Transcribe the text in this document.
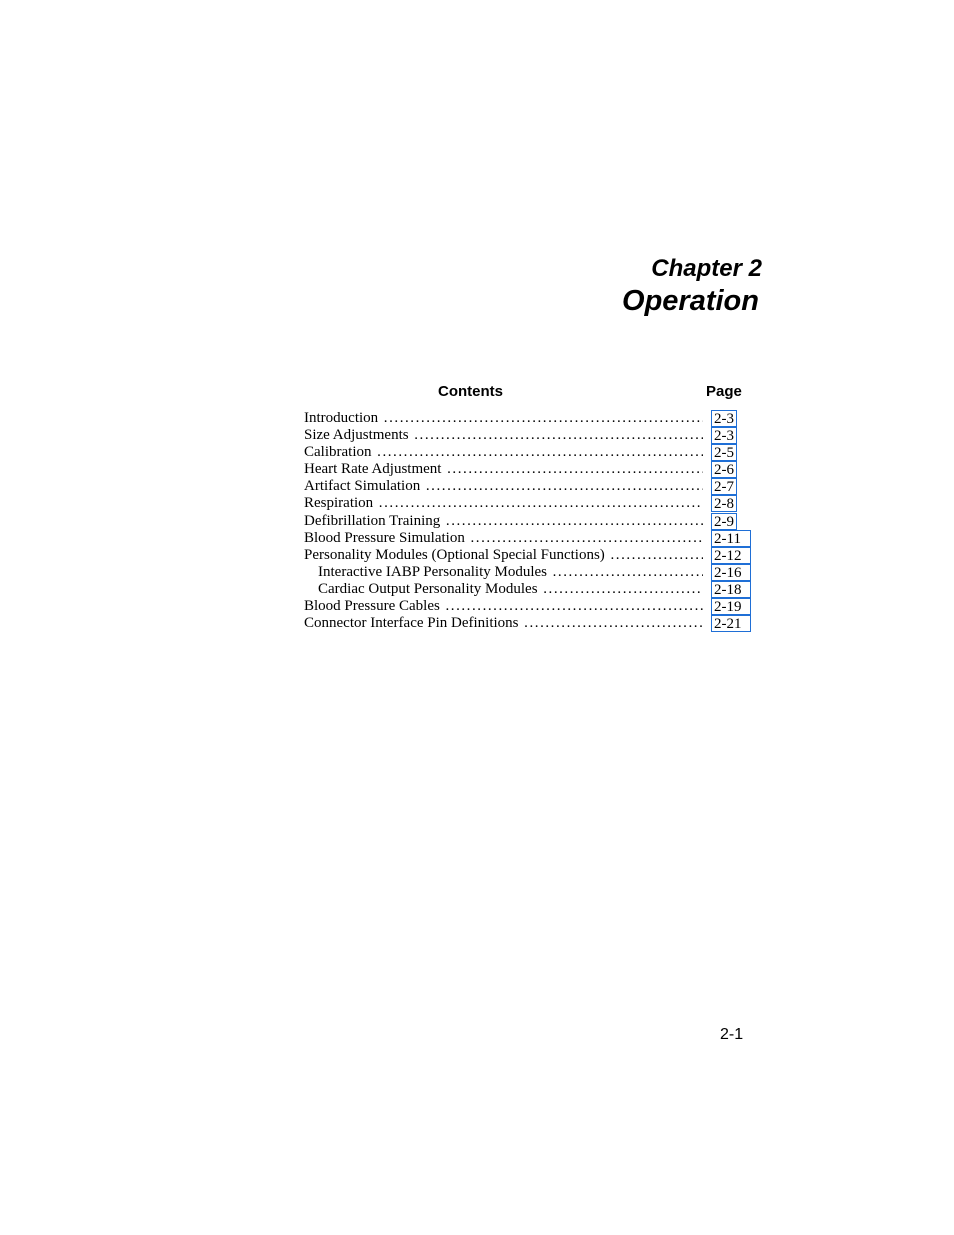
Chapter 2
Operation
Contents	Page
Introduction . . .	2-3
Size Adjustments . . .	2-3
Calibration . . .	2-5
Heart Rate Adjustment . . .	2-6
Artifact Simulation . . .	2-7
Respiration . . .	2-8
Defibrillation Training . . .	2-9
Blood Pressure Simulation . . .	2-11
Personality Modules (Optional Special Functions) . . .	2-12
Interactive IABP Personality Modules . . .	2-16
Cardiac Output Personality Modules . . .	2-18
Blood Pressure Cables . . .	2-19
Connector Interface Pin Definitions . . .	2-21
2-1
